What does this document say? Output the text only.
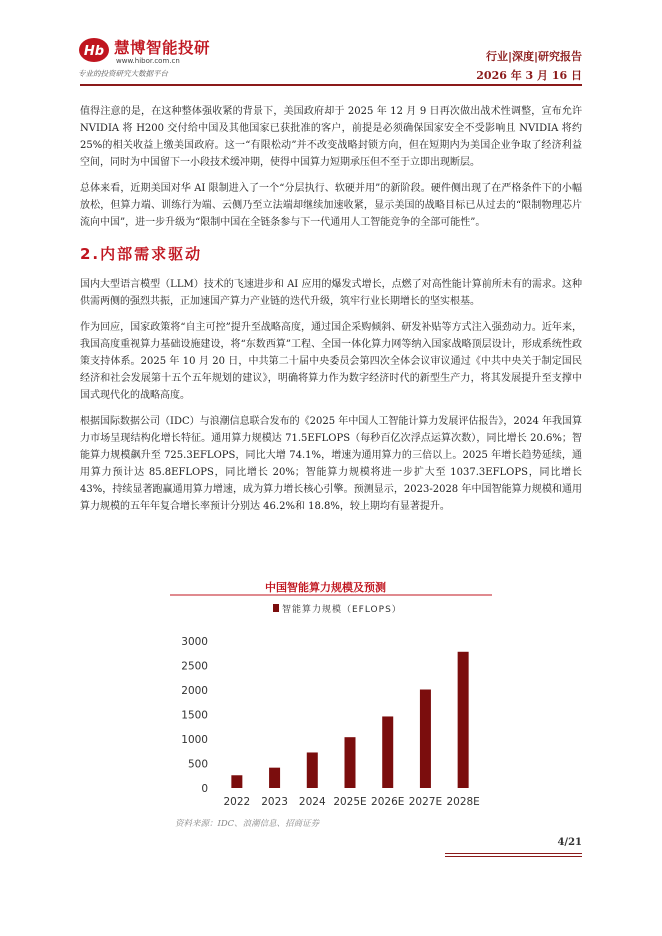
Hb 慧博智能投研
www.hibor.com.cn
专业的投资研究大数据平台
行业|深度|研究报告
2026 年 3 月 16 日

值得注意的是，在这种整体强收紧的背景下，美国政府却于 2025 年 12 月 9 日再次做出战术性调整，宣布允许 NVIDIA 将 H200 交付给中国及其他国家已获批准的客户，前提是必须确保国家安全不受影响且 NVIDIA 将约 25%的相关收益上缴美国政府。这一“有限松动”并不改变战略封锁方向，但在短期内为美国企业争取了经济利益空间，同时为中国留下一小段技术缓冲期，使得中国算力短期承压但不至于立即出现断层。

总体来看，近期美国对华 AI 限制进入了一个“分层执行、软硬并用”的新阶段。硬件侧出现了在严格条件下的小幅放松，但算力端、训练行为端、云侧乃至立法端却继续加速收紧，显示美国的战略目标已从过去的“限制物理芯片流向中国”，进一步升级为“限制中国在全链条参与下一代通用人工智能竞争的全部可能性”。

2.内部需求驱动

国内大型语言模型（LLM）技术的飞速进步和 AI 应用的爆发式增长，点燃了对高性能计算前所未有的需求。这种供需两侧的强烈共振，正加速国产算力产业链的迭代升级，筑牢行业长期增长的坚实根基。

作为回应，国家政策将“自主可控”提升至战略高度，通过国企采购倾斜、研发补贴等方式注入强劲动力。近年来，我国高度重视算力基础设施建设，将“东数西算”工程、全国一体化算力网等纳入国家战略顶层设计，形成系统性政策支持体系。2025 年 10 月 20 日，中共第二十届中央委员会第四次全体会议审议通过《中共中央关于制定国民经济和社会发展第十五个五年规划的建议》，明确将算力作为数字经济时代的新型生产力，将其发展提升至支撑中国式现代化的战略高度。

根据国际数据公司（IDC）与浪潮信息联合发布的《2025 年中国人工智能计算力发展评估报告》，2024 年我国算力市场呈现结构化增长特征。通用算力规模达 71.5EFLOPS（每秒百亿次浮点运算次数），同比增长 20.6%；智能算力规模飙升至 725.3EFLOPS，同比大增 74.1%，增速为通用算力的三倍以上。2025 年增长趋势延续，通用算力预计达 85.8EFLOPS，同比增长 20%；智能算力规模将进一步扩大至 1037.3EFLOPS，同比增长 43%，持续显著跑赢通用算力增速，成为算力增长核心引擎。预测显示，2023-2028 年中国智能算力规模和通用算力规模的五年年复合增长率预计分别达 46.2%和 18.8%，较上期均有显著提升。

中国智能算力规模及预测
智能算力规模（EFLOPS）
0
500
1000
1500
2000
2500
3000
2022 2023 2024 2025E 2026E 2027E 2028E
资料来源：IDC、浪潮信息、招商证券
4/21
